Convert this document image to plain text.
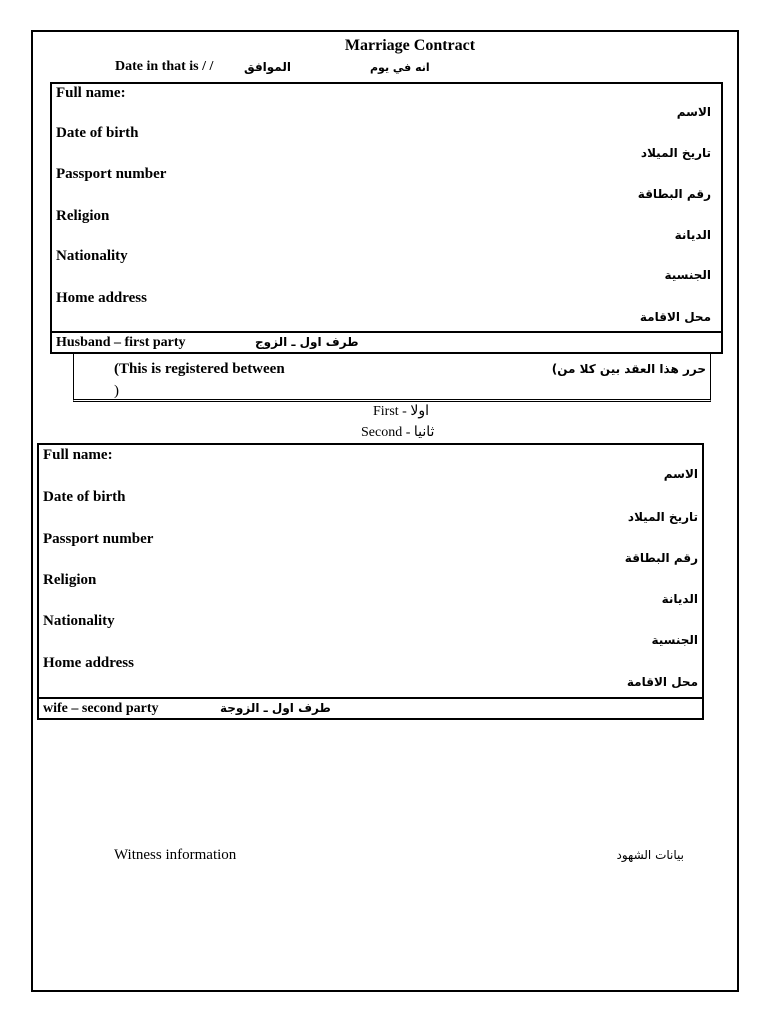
Marriage Contract
Date in that is / /	الموافق	انه في يوم
Full name:
الاسم
Date of birth
تاريخ الميلاد
Passport number
رقم البطاقة
Religion
الديانة
Nationality
الجنسية
Home address
محل الاقامة
Husband – first party	طرف اول ـ الزوج
(This is registered between
)
حرر هذا العقد بين كلا من)
First - اولا
Second - ثانيا
Full name:
الاسم
Date of birth
تاريخ الميلاد
Passport number
رقم البطاقة
Religion
الديانة
Nationality
الجنسية
Home address
محل الاقامة
wife – second party	طرف اول ـ الزوجة
Witness information	بيانات الشهود
